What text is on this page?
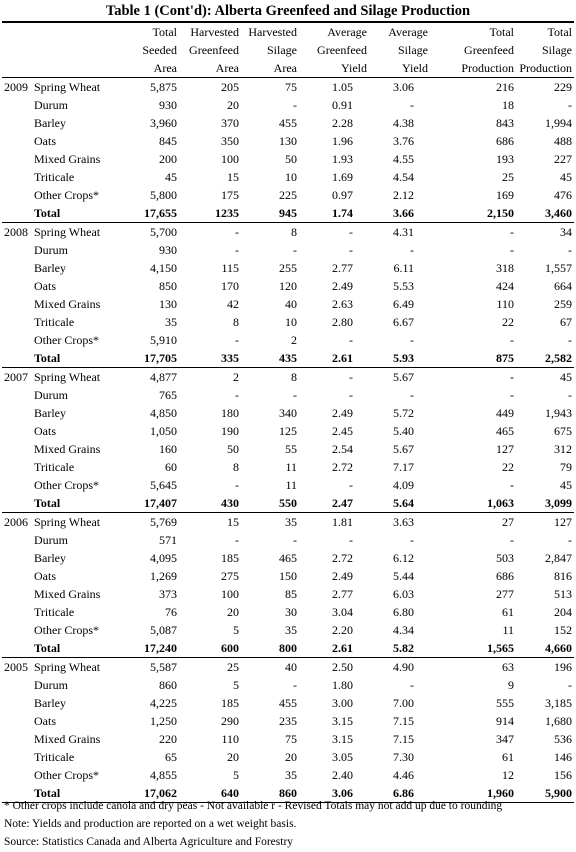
Table 1 (Cont'd): Alberta Greenfeed and Silage Production
		Total	Harvested	Harvested	Average	Average	Total	Total
		Seeded	Greenfeed	Silage	Greenfeed	Silage	Greenfeed	Silage
		Area	Area	Area	Yield	Yield	Production	Production
2009	Spring Wheat	5,875	205	75	1.05	3.06	216	229
	Durum	930	20	-	0.91	-	18	-
	Barley	3,960	370	455	2.28	4.38	843	1,994
	Oats	845	350	130	1.96	3.76	686	488
	Mixed Grains	200	100	50	1.93	4.55	193	227
	Triticale	45	15	10	1.69	4.54	25	45
	Other Crops*	5,800	175	225	0.97	2.12	169	476
	Total	17,655	1235	945	1.74	3.66	2,150	3,460
2008	Spring Wheat	5,700	-	8	-	4.31	-	34
	Durum	930	-	-	-	-	-	-
	Barley	4,150	115	255	2.77	6.11	318	1,557
	Oats	850	170	120	2.49	5.53	424	664
	Mixed Grains	130	42	40	2.63	6.49	110	259
	Triticale	35	8	10	2.80	6.67	22	67
	Other Crops*	5,910	-	2	-	-	-	-
	Total	17,705	335	435	2.61	5.93	875	2,582
2007	Spring Wheat	4,877	2	8	-	5.67	-	45
	Durum	765	-	-	-	-	-	-
	Barley	4,850	180	340	2.49	5.72	449	1,943
	Oats	1,050	190	125	2.45	5.40	465	675
	Mixed Grains	160	50	55	2.54	5.67	127	312
	Triticale	60	8	11	2.72	7.17	22	79
	Other Crops*	5,645	-	11	-	4.09	-	45
	Total	17,407	430	550	2.47	5.64	1,063	3,099
2006	Spring Wheat	5,769	15	35	1.81	3.63	27	127
	Durum	571	-	-	-	-	-	-
	Barley	4,095	185	465	2.72	6.12	503	2,847
	Oats	1,269	275	150	2.49	5.44	686	816
	Mixed Grains	373	100	85	2.77	6.03	277	513
	Triticale	76	20	30	3.04	6.80	61	204
	Other Crops*	5,087	5	35	2.20	4.34	11	152
	Total	17,240	600	800	2.61	5.82	1,565	4,660
2005	Spring Wheat	5,587	25	40	2.50	4.90	63	196
	Durum	860	5	-	1.80	-	9	-
	Barley	4,225	185	455	3.00	7.00	555	3,185
	Oats	1,250	290	235	3.15	7.15	914	1,680
	Mixed Grains	220	110	75	3.15	7.15	347	536
	Triticale	65	20	20	3.05	7.30	61	146
	Other Crops*	4,855	5	35	2.40	4.46	12	156
	Total	17,062	640	860	3.06	6.86	1,960	5,900
* Other crops include canola and dry peas - Not available r - Revised Totals may not add up due to rounding
Note: Yields and production are reported on a wet weight basis.
Source: Statistics Canada and Alberta Agriculture and Forestry
